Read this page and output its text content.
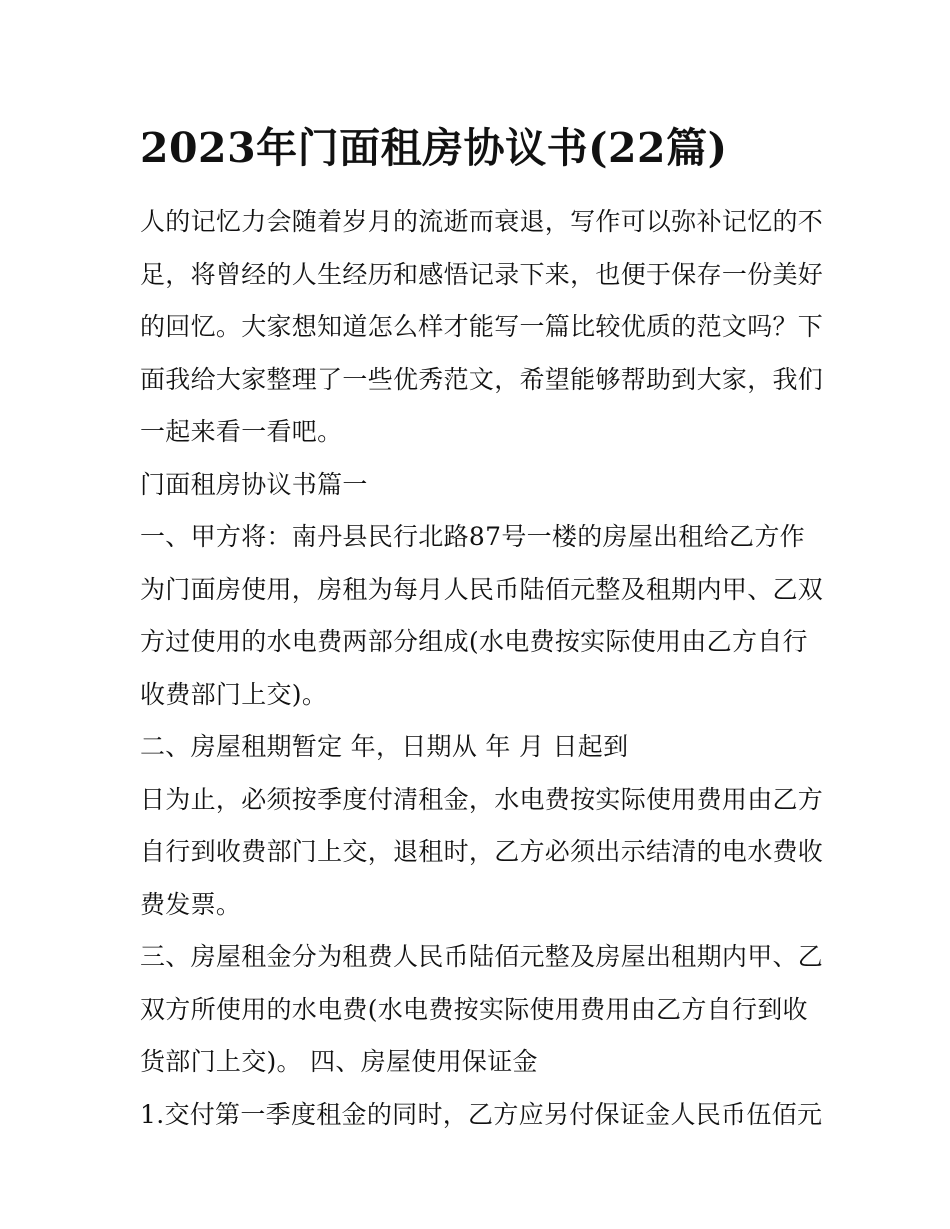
2023年门面租房协议书(22篇)

人的记忆力会随着岁月的流逝而衰退，写作可以弥补记忆的不
足，将曾经的人生经历和感悟记录下来，也便于保存一份美好
的回忆。大家想知道怎么样才能写一篇比较优质的范文吗？下
面我给大家整理了一些优秀范文，希望能够帮助到大家，我们
一起来看一看吧。

门面租房协议书篇一

一、甲方将：南丹县民行北路87号一楼的房屋出租给乙方作
为门面房使用，房租为每月人民币陆佰元整及租期内甲、乙双
方过使用的水电费两部分组成(水电费按实际使用由乙方自行
收费部门上交)。

二、房屋租期暂定 年，日期从 年 月 日起到

日为止，必须按季度付清租金，水电费按实际使用费用由乙方
自行到收费部门上交，退租时，乙方必须出示结清的电水费收
费发票。

三、房屋租金分为租费人民币陆佰元整及房屋出租期内甲、乙
双方所使用的水电费(水电费按实际使用费用由乙方自行到收
货部门上交)。 四、房屋使用保证金

1.交付第一季度租金的同时，乙方应另付保证金人民币伍佰元
